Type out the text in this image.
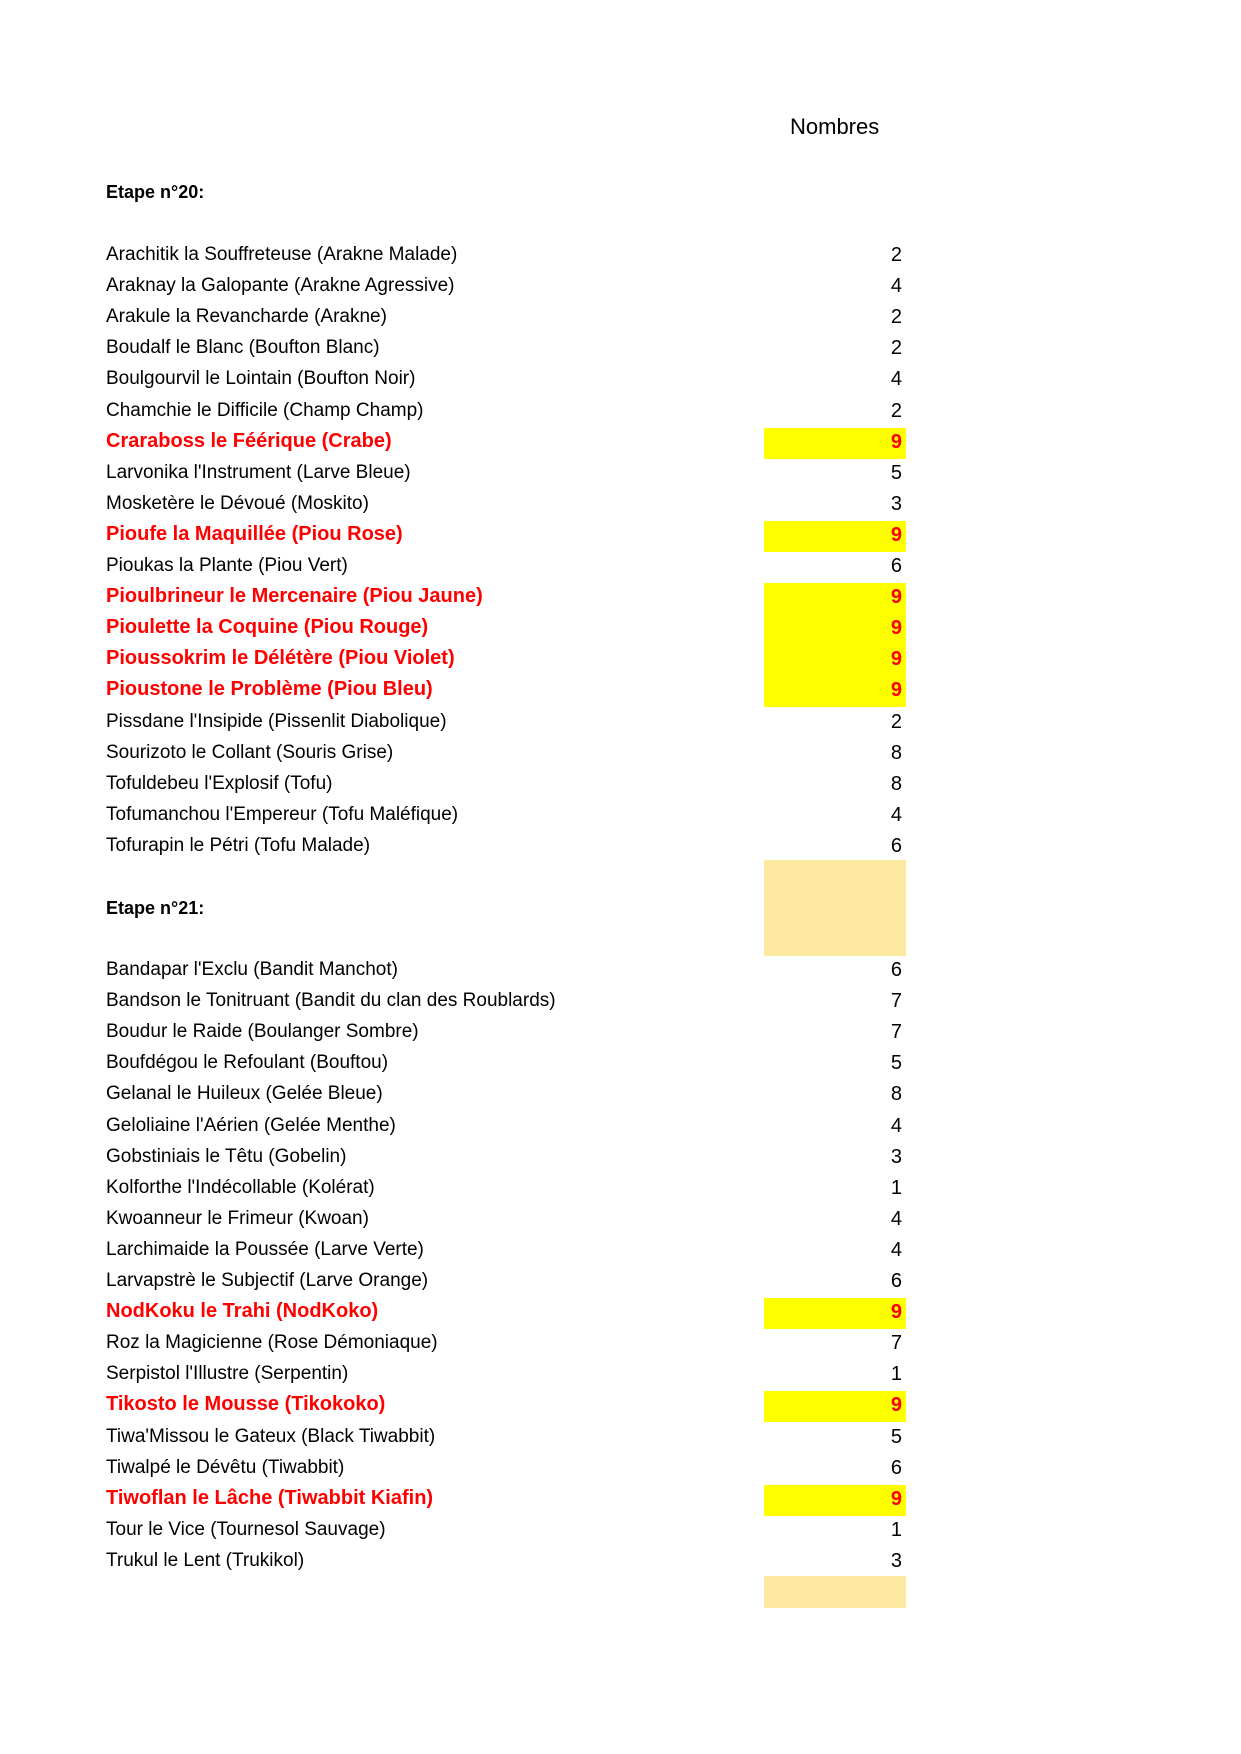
Nombres
Etape n°20:
Arachitik la Souffreteuse (Arakne Malade)	2
Araknay la Galopante (Arakne Agressive)	4
Arakule la Revancharde (Arakne)	2
Boudalf le Blanc (Boufton Blanc)	2
Boulgourvil le Lointain (Boufton Noir)	4
Chamchie le Difficile (Champ Champ)	2
Craraboss le Féérique (Crabe)	9
Larvonika l'Instrument (Larve Bleue)	5
Mosketère le Dévoué (Moskito)	3
Pioufe la Maquillée (Piou Rose)	9
Pioukas la Plante (Piou Vert)	6
Pioulbrineur le Mercenaire (Piou Jaune)	9
Pioulette la Coquine (Piou Rouge)	9
Pioussokrim le Délétère (Piou Violet)	9
Pioustone le Problème (Piou Bleu)	9
Pissdane l'Insipide (Pissenlit Diabolique)	2
Sourizoto le Collant (Souris Grise)	8
Tofuldebeu l'Explosif (Tofu)	8
Tofumanchou l'Empereur (Tofu Maléfique)	4
Tofurapin le Pétri (Tofu Malade)	6
Etape n°21:
Bandapar l'Exclu (Bandit Manchot)	6
Bandson le Tonitruant (Bandit du clan des Roublards)	7
Boudur le Raide (Boulanger Sombre)	7
Boufdégou le Refoulant (Bouftou)	5
Gelanal le Huileux (Gelée Bleue)	8
Geloliaine l'Aérien (Gelée Menthe)	4
Gobstiniais le Têtu (Gobelin)	3
Kolforthe l'Indécollable (Kolérat)	1
Kwoanneur le Frimeur (Kwoan)	4
Larchimaide la Poussée (Larve Verte)	4
Larvapstrè le Subjectif (Larve Orange)	6
NodKoku le Trahi (NodKoko)	9
Roz la Magicienne (Rose Démoniaque)	7
Serpistol l'Illustre (Serpentin)	1
Tikosto le Mousse (Tikokoko)	9
Tiwa'Missou le Gateux (Black Tiwabbit)	5
Tiwalpé le Dévêtu (Tiwabbit)	6
Tiwoflan le Lâche (Tiwabbit Kiafin)	9
Tour le Vice (Tournesol Sauvage)	1
Trukul le Lent (Trukikol)	3
